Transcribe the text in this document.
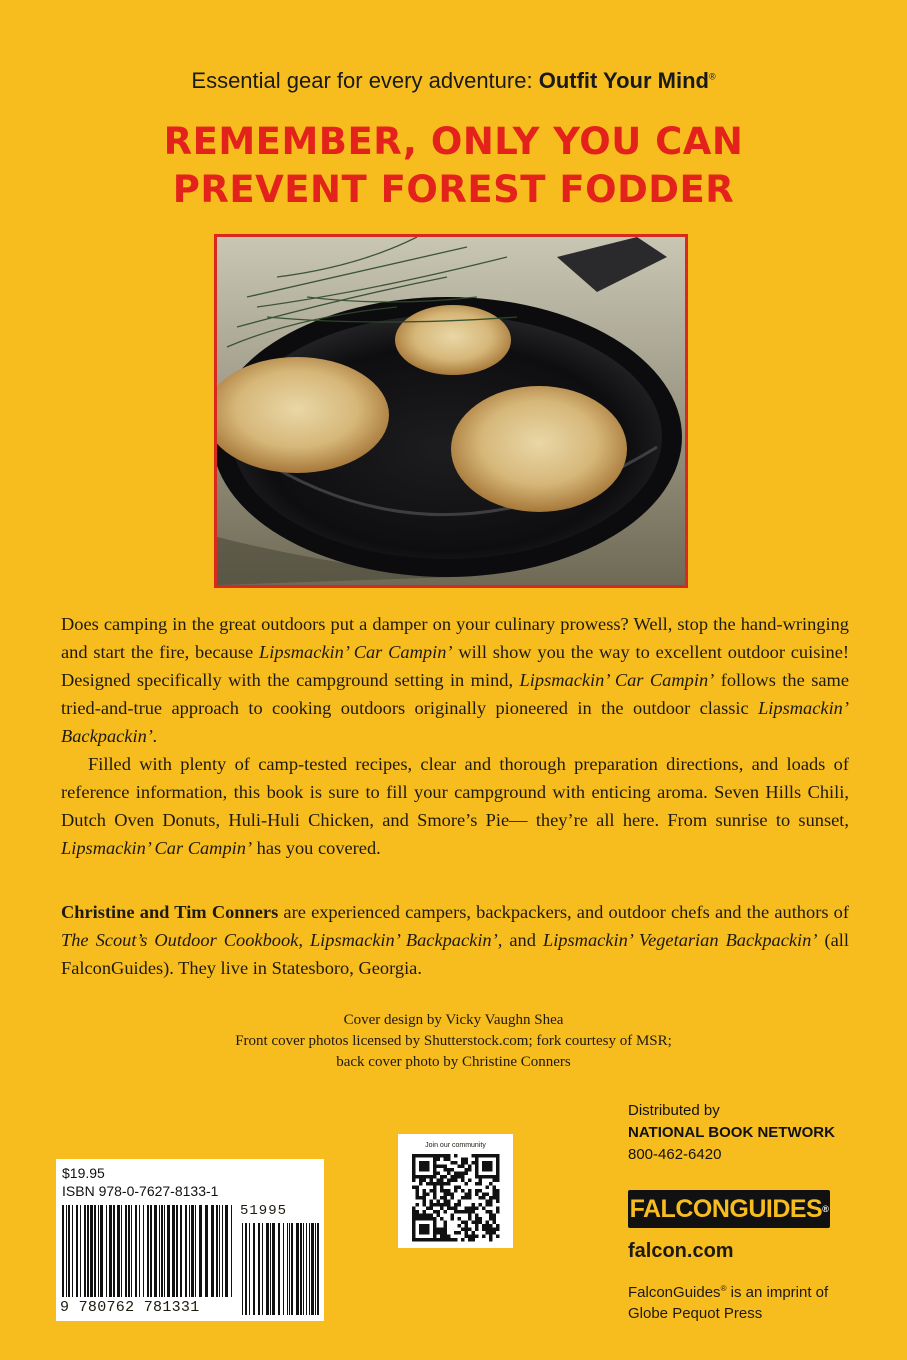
Essential gear for every adventure: Outfit Your Mind®
REMEMBER, ONLY YOU CAN
PREVENT FOREST FODDER

Does camping in the great outdoors put a damper on your culinary prowess? Well, stop the hand-wringing and start the fire, because Lipsmackin’ Car Campin’ will show you the way to excellent outdoor cuisine! Designed specifically with the campground setting in mind, Lipsmackin’ Car Campin’ follows the same tried-and-true approach to cooking outdoors originally pioneered in the outdoor classic Lipsmackin’ Backpackin’.

Filled with plenty of camp-tested recipes, clear and thorough preparation directions, and loads of reference information, this book is sure to fill your campground with enticing aroma. Seven Hills Chili, Dutch Oven Donuts, Huli-Huli Chicken, and Smore’s Pie— they’re all here. From sunrise to sunset, Lipsmackin’ Car Campin’ has you covered.

Christine and Tim Conners are experienced campers, backpackers, and outdoor chefs and the authors of The Scout’s Outdoor Cookbook, Lipsmackin’ Backpackin’, and Lipsmackin’ Vegetarian Backpackin’ (all FalconGuides). They live in Statesboro, Georgia.
Cover design by Vicky Vaughn Shea
Front cover photos licensed by Shutterstock.com; fork courtesy of MSR;
back cover photo by Christine Conners
$19.95
ISBN 978-0-7627-8133-1
51995
9 780762 781331
Join our community
Distributed by
NATIONAL BOOK NETWORK
800-462-6420
FALCONGUIDES®
falcon.com
FalconGuides® is an imprint of
Globe Pequot Press
